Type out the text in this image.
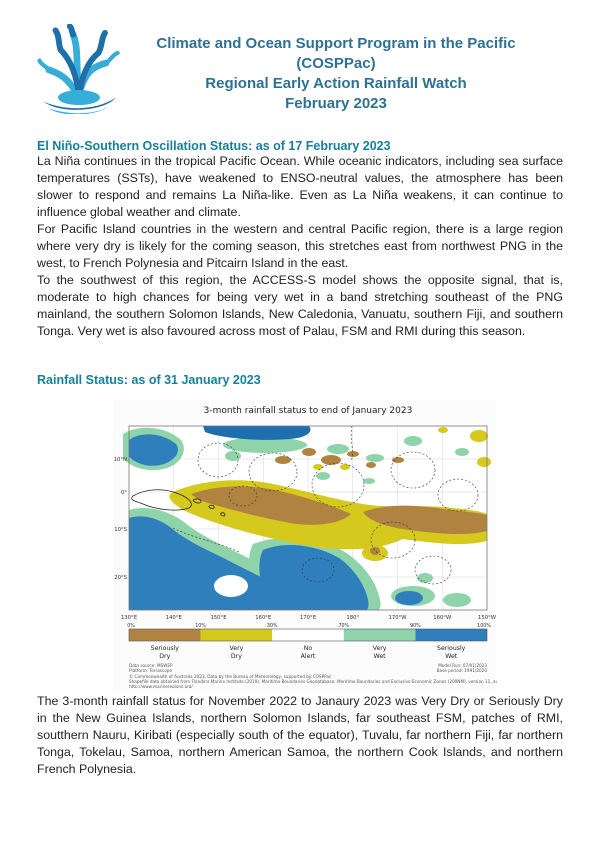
Climate and Ocean Support Program in the Pacific
(COSPPac)
Regional Early Action Rainfall Watch
February 2023
El Niño-Southern Oscillation Status: as of 17 February 2023

La Niña continues in the tropical Pacific Ocean. While oceanic indicators, including sea surface temperatures (SSTs), have weakened to ENSO-neutral values, the atmosphere has been slower to respond and remains La Niña-like. Even as La Niña weakens, it can continue to influence global weather and climate.

For Pacific Island countries in the western and central Pacific region, there is a large region where very dry is likely for the coming season, this stretches east from northwest PNG in the west, to French Polynesia and Pitcairn Island in the east.

To the southwest of this region, the ACCESS-S model shows the opposite signal, that is, moderate to high chances for being very wet in a band stretching southeast of the PNG mainland, the southern Solomon Islands, New Caledonia, Vanuatu, southern Fiji, and southern Tonga. Very wet is also favoured across most of Palau, FSM and RMI during this season.

Rainfall Status: as of 31 January 2023
3-month rainfall status to end of January 2023
10°N
0°
10°S
20°S
130°E	140°E	150°E	160°E	170°E	180°	170°W	160°W	150°W
0%	10%	30%	70%	90%	100%
Seriously
Dry
Very
Dry
No
Alert
Very
Wet
Seriously
Wet
Data source: MSWEP
Platform: Terrascope
© Commonwealth of Australia 2023, Data by the Bureau of Meteorology, supported by COSPPac
Shapefile data obtained from Flanders Marine Institute (2019). Maritime Boundaries Geodatabase: Maritime Boundaries and Exclusive Economic Zones (200NM), version 11, available online at:
http://www.marineregions.org/
Model Run: 07/01/2023
Base period: 1991/2020

The 3-month rainfall status for November 2022 to Janaury 2023 was Very Dry or Seriously Dry in the New Guinea Islands, northern Solomon Islands, far southeast FSM, patches of RMI, soutthern Nauru, Kiribati (especially south of the equator), Tuvalu, far northern Fiji, far northern Tonga, Tokelau, Samoa, northern American Samoa, the northern Cook Islands, and northern French Polynesia.
